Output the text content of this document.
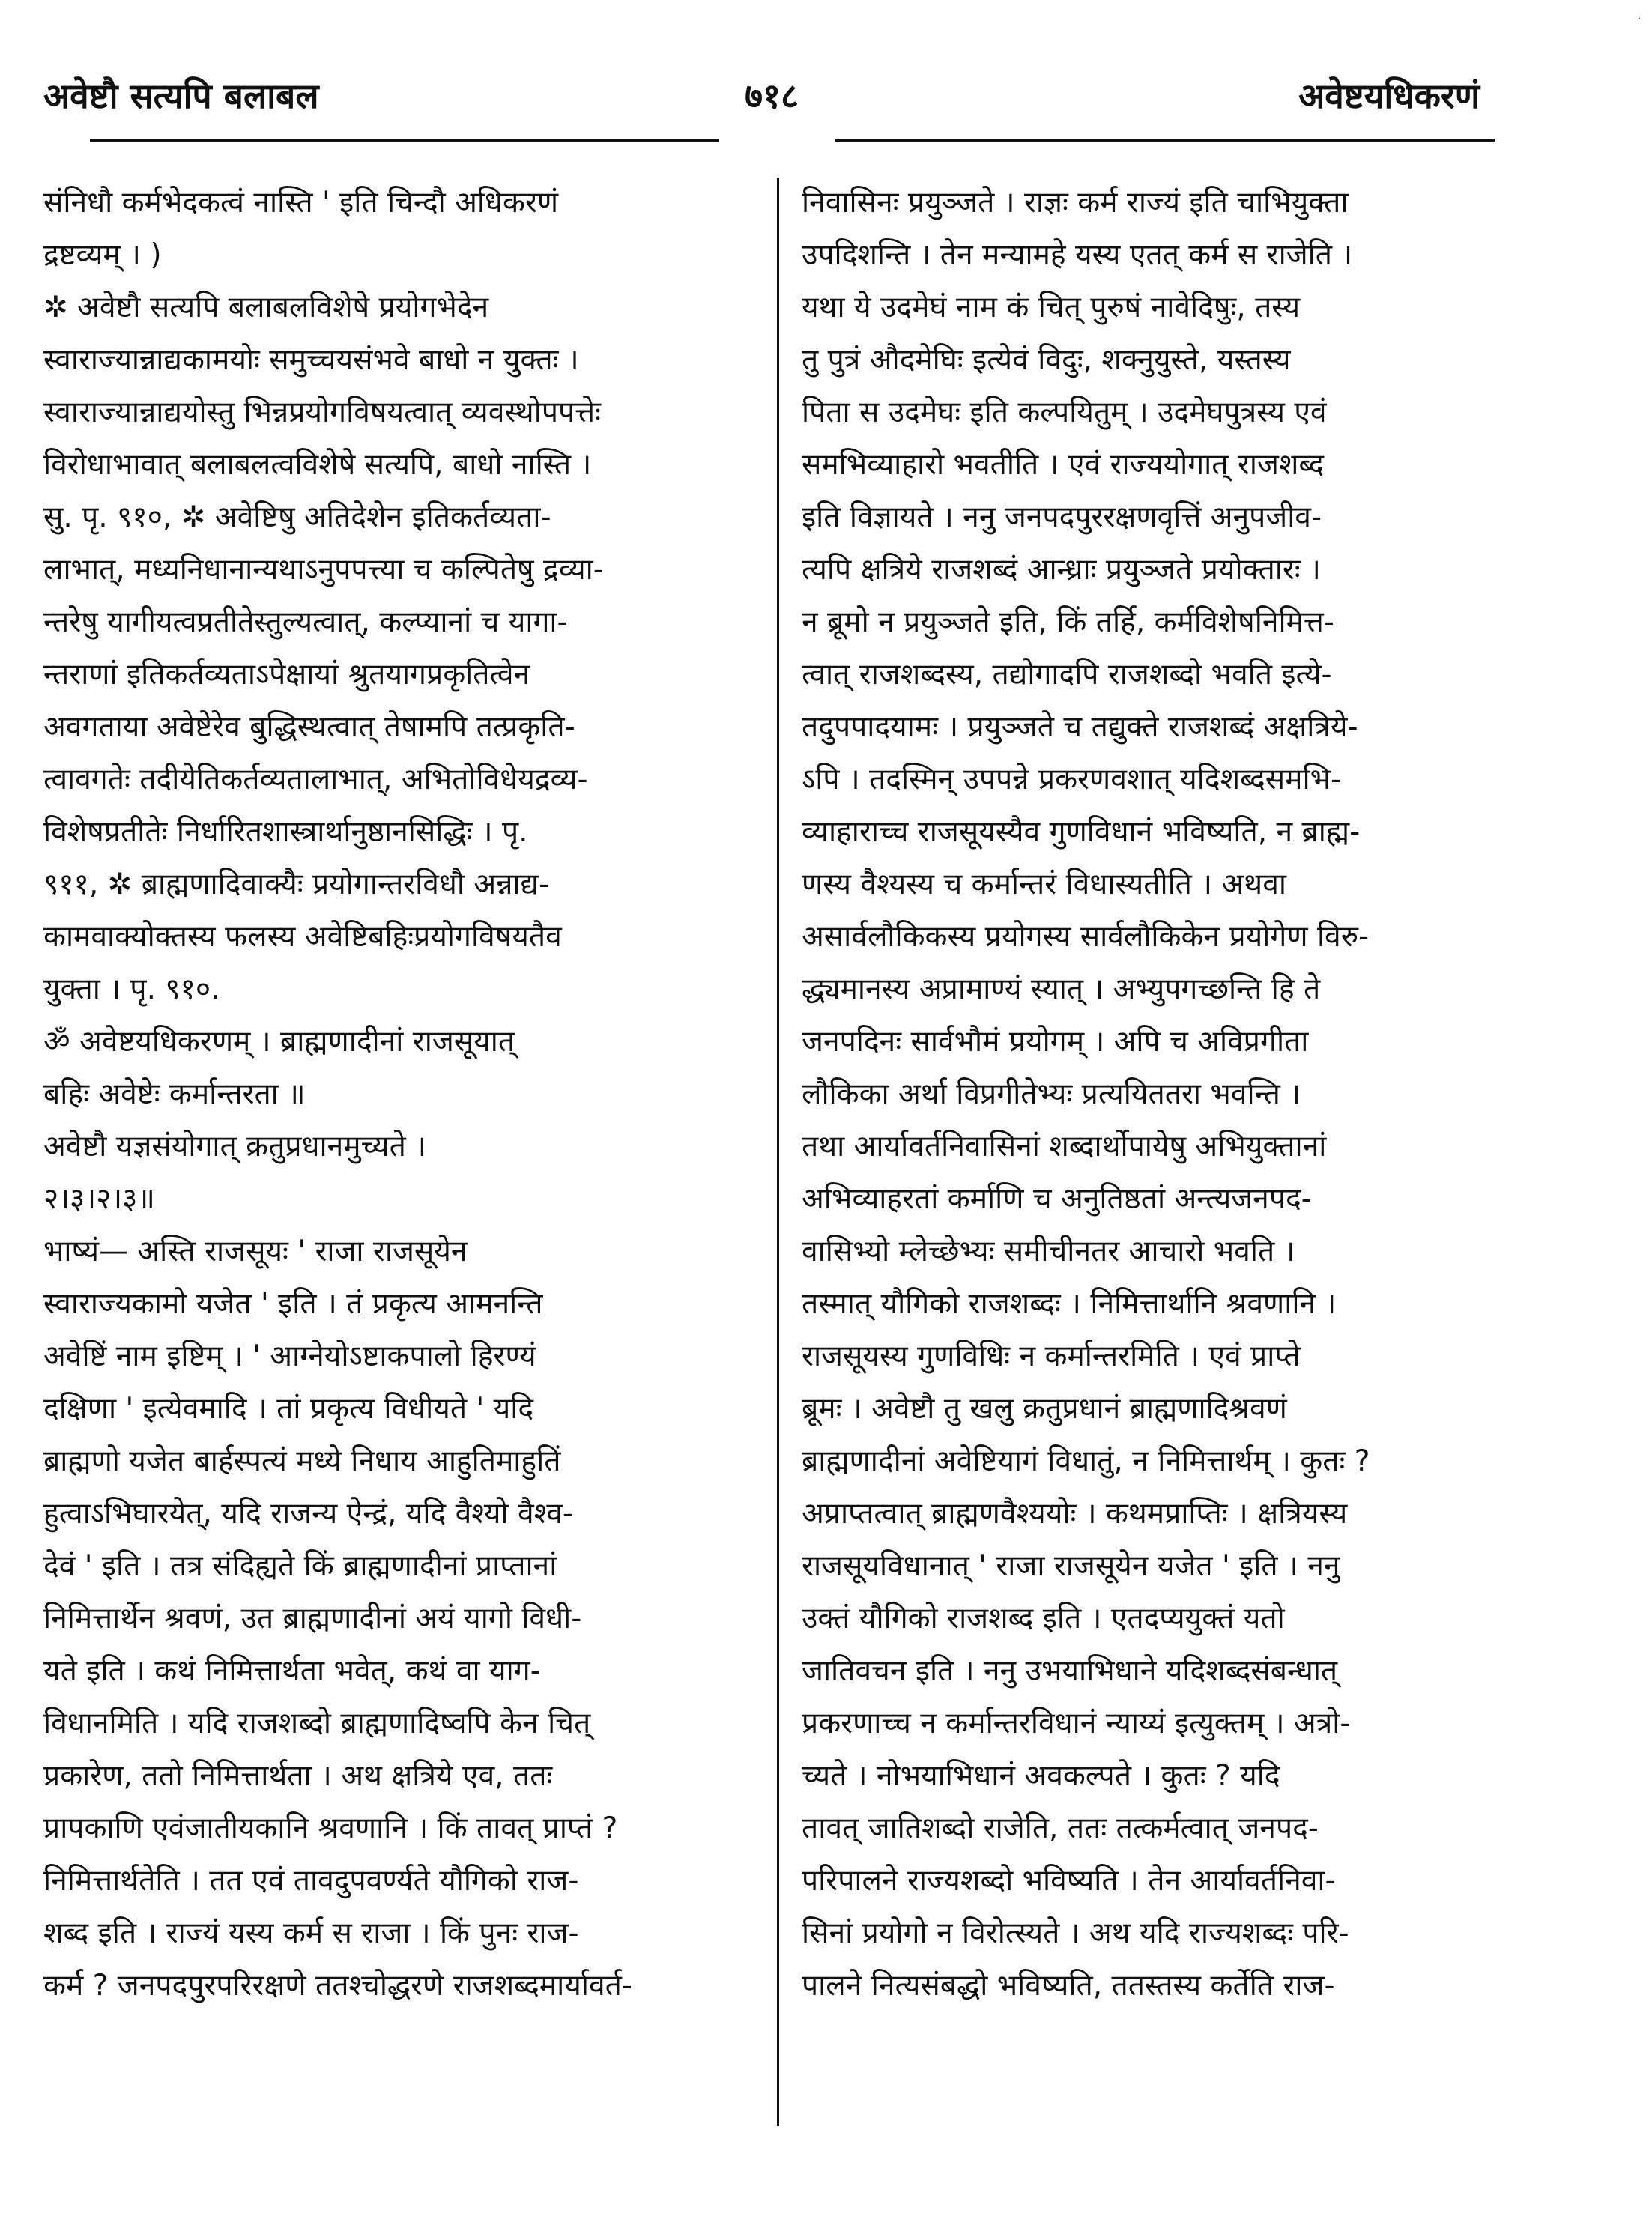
˙
अवेष्टौ सत्यपि बलाबल	७१८	अवेष्टयधिकरणं
संनिधौ कर्मभेदकत्वं नास्ति ' इति चिन्दौ अधिकरणं
द्रष्टव्यम् । )
✲ अवेष्टौ सत्यपि बलाबलविशेषे प्रयोगभेदेन
स्वाराज्यान्नाद्यकामयोः समुच्चयसंभवे बाधो न युक्तः ।
स्वाराज्यान्नाद्ययोस्तु भिन्नप्रयोगविषयत्वात् व्यवस्थोपपत्तेः
विरोधाभावात् बलाबलत्वविशेषे सत्यपि, बाधो नास्ति ।
सु. पृ. ९१०, ✲ अवेष्टिषु अतिदेशेन इतिकर्तव्यता-
लाभात्, मध्यनिधानान्यथाऽनुपपत्त्या च कल्पितेषु द्रव्या-
न्तरेषु यागीयत्वप्रतीतेस्तुल्यत्वात्, कल्प्यानां च यागा-
न्तराणां इतिकर्तव्यताऽपेक्षायां श्रुतयागप्रकृतित्वेन
अवगताया अवेष्टेरेव बुद्धिस्थत्वात् तेषामपि तत्प्रकृति-
त्वावगतेः तदीयेतिकर्तव्यतालाभात्, अभितोविधेयद्रव्य-
विशेषप्रतीतेः निर्धारितशास्त्रार्थानुष्ठानसिद्धिः । पृ.
९११, ✲ ब्राह्मणादिवाक्यैः प्रयोगान्तरविधौ अन्नाद्य-
कामवाक्योक्तस्य फलस्य अवेष्टिबहिःप्रयोगविषयतैव
युक्ता । पृ. ९१०.
ॐ अवेष्टयधिकरणम् । ब्राह्मणादीनां राजसूयात्
बहिः अवेष्टेः कर्मान्तरता ॥
अवेष्टौ यज्ञसंयोगात् क्रतुप्रधानमुच्यते ।
२।३।२।३॥
भाष्यं— अस्ति राजसूयः ' राजा राजसूयेन
स्वाराज्यकामो यजेत ' इति । तं प्रकृत्य आमनन्ति
अवेष्टिं नाम इष्टिम् । ' आग्नेयोऽष्टाकपालो हिरण्यं
दक्षिणा ' इत्येवमादि । तां प्रकृत्य विधीयते ' यदि
ब्राह्मणो यजेत बार्हस्पत्यं मध्ये निधाय आहुतिमाहुतिं
हुत्वाऽभिघारयेत्, यदि राजन्य ऐन्द्रं, यदि वैश्यो वैश्व-
देवं ' इति । तत्र संदिह्यते किं ब्राह्मणादीनां प्राप्तानां
निमित्तार्थेन श्रवणं, उत ब्राह्मणादीनां अयं यागो विधी-
यते इति । कथं निमित्तार्थता भवेत्, कथं वा याग-
विधानमिति । यदि राजशब्दो ब्राह्मणादिष्वपि केन चित्
प्रकारेण, ततो निमित्तार्थता । अथ क्षत्रिये एव, ततः
प्रापकाणि एवंजातीयकानि श्रवणानि । किं तावत् प्राप्तं ?
निमित्तार्थतेति । तत एवं तावदुपवर्ण्यते यौगिको राज-
शब्द इति । राज्यं यस्य कर्म स राजा । किं पुनः राज-
कर्म ? जनपदपुरपरिरक्षणे ततश्चोद्धरणे राजशब्दमार्यावर्त-
निवासिनः प्रयुञ्जते । राज्ञः कर्म राज्यं इति चाभियुक्ता
उपदिशन्ति । तेन मन्यामहे यस्य एतत् कर्म स राजेति ।
यथा ये उदमेघं नाम कं चित् पुरुषं नावेदिषुः, तस्य
तु पुत्रं औदमेघिः इत्येवं विदुः, शक्नुयुस्ते, यस्तस्य
पिता स उदमेघः इति कल्पयितुम् । उदमेघपुत्रस्य एवं
समभिव्याहारो भवतीति । एवं राज्ययोगात् राजशब्द
इति विज्ञायते । ननु जनपदपुररक्षणवृत्तिं अनुपजीव-
त्यपि क्षत्रिये राजशब्दं आन्ध्राः प्रयुञ्जते प्रयोक्तारः ।
न ब्रूमो न प्रयुञ्जते इति, किं तर्हि, कर्मविशेषनिमित्त-
त्वात् राजशब्दस्य, तद्योगादपि राजशब्दो भवति इत्ये-
तदुपपादयामः । प्रयुञ्जते च तद्युक्ते राजशब्दं अक्षत्रिये-
ऽपि । तदस्मिन् उपपन्ने प्रकरणवशात् यदिशब्दसमभि-
व्याहाराच्च राजसूयस्यैव गुणविधानं भविष्यति, न ब्राह्म-
णस्य वैश्यस्य च कर्मान्तरं विधास्यतीति । अथवा
असार्वलौकिकस्य प्रयोगस्य सार्वलौकिकेन प्रयोगेण विरु-
द्ध्यमानस्य अप्रामाण्यं स्यात् । अभ्युपगच्छन्ति हि ते
जनपदिनः सार्वभौमं प्रयोगम् । अपि च अविप्रगीता
लौकिका अर्था विप्रगीतेभ्यः प्रत्ययिततरा भवन्ति ।
तथा आर्यावर्तनिवासिनां शब्दार्थोपायेषु अभियुक्तानां
अभिव्याहरतां कर्माणि च अनुतिष्ठतां अन्त्यजनपद-
वासिभ्यो म्लेच्छेभ्यः समीचीनतर आचारो भवति ।
तस्मात् यौगिको राजशब्दः । निमित्तार्थानि श्रवणानि ।
राजसूयस्य गुणविधिः न कर्मान्तरमिति । एवं प्राप्ते
ब्रूमः । अवेष्टौ तु खलु क्रतुप्रधानं ब्राह्मणादिश्रवणं
ब्राह्मणादीनां अवेष्टियागं विधातुं, न निमित्तार्थम् । कुतः ?
अप्राप्तत्वात् ब्राह्मणवैश्ययोः । कथमप्राप्तिः । क्षत्रियस्य
राजसूयविधानात् ' राजा राजसूयेन यजेत ' इति । ननु
उक्तं यौगिको राजशब्द इति । एतदप्ययुक्तं यतो
जातिवचन इति । ननु उभयाभिधाने यदिशब्दसंबन्धात्
प्रकरणाच्च न कर्मान्तरविधानं न्याय्यं इत्युक्तम् । अत्रो-
च्यते । नोभयाभिधानं अवकल्पते । कुतः ? यदि
तावत् जातिशब्दो राजेति, ततः तत्कर्मत्वात् जनपद-
परिपालने राज्यशब्दो भविष्यति । तेन आर्यावर्तनिवा-
सिनां प्रयोगो न विरोत्स्यते । अथ यदि राज्यशब्दः परि-
पालने नित्यसंबद्धो भविष्यति, ततस्तस्य कर्तेति राज-
